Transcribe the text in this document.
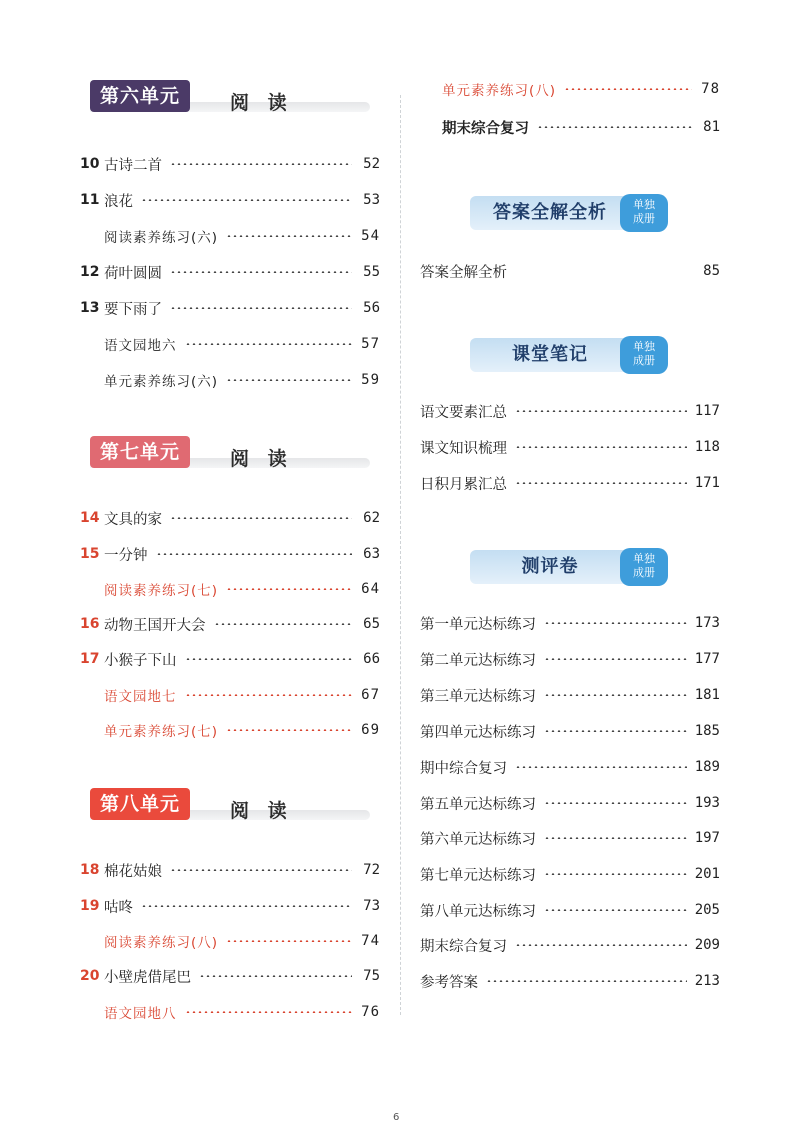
第六单元	阅 读
10 古诗二首	52
11 浪花	53
阅读素养练习(六)	54
12 荷叶圆圆	55
13 要下雨了	56
语文园地六	57
单元素养练习(六)	59
第七单元	阅 读
14 文具的家	62
15 一分钟	63
阅读素养练习(七)	64
16 动物王国开大会	65
17 小猴子下山	66
语文园地七	67
单元素养练习(七)	69
第八单元	阅 读
18 棉花姑娘	72
19 咕咚	73
阅读素养练习(八)	74
20 小壁虎借尾巴	75
语文园地八	76
单元素养练习(八)	78
期末综合复习	81
答案全解全析	单独
成册
答案全解全析	85
课堂笔记	单独
成册
语文要素汇总	117
课文知识梳理	118
日积月累汇总	171
测评卷	单独
成册
第一单元达标练习	173
第二单元达标练习	177
第三单元达标练习	181
第四单元达标练习	185
期中综合复习	189
第五单元达标练习	193
第六单元达标练习	197
第七单元达标练习	201
第八单元达标练习	205
期末综合复习	209
参考答案	213
6
